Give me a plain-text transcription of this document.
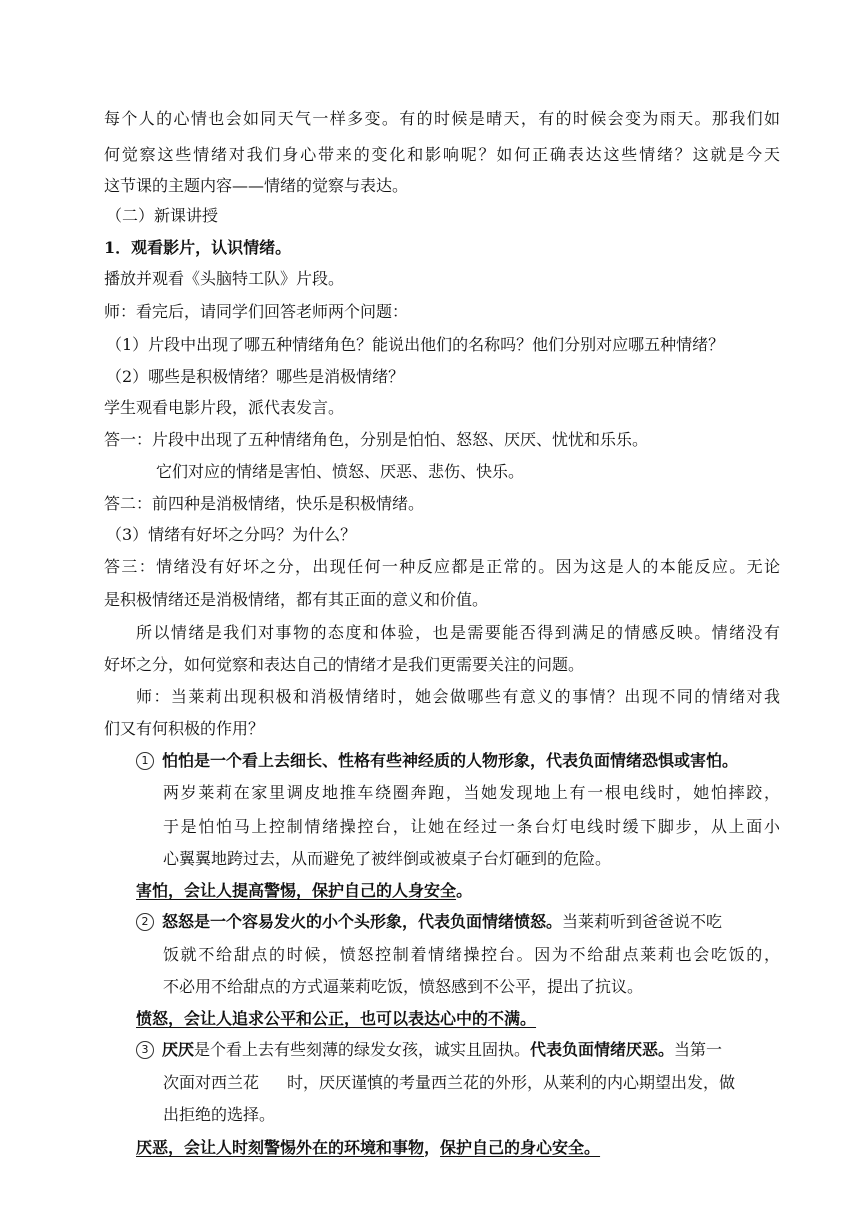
每个人的心情也会如同天气一样多变。有的时候是晴天，有的时候会变为雨天。那我们如
何觉察这些情绪对我们身心带来的变化和影响呢？如何正确表达这些情绪？这就是今天
这节课的主题内容——情绪的觉察与表达。
（二）新课讲授
1．观看影片，认识情绪。
播放并观看《头脑特工队》片段。
师：看完后，请同学们回答老师两个问题：
（1）片段中出现了哪五种情绪角色？能说出他们的名称吗？他们分别对应哪五种情绪？
（2）哪些是积极情绪？哪些是消极情绪？
学生观看电影片段，派代表发言。
答一：片段中出现了五种情绪角色，分别是怕怕、怒怒、厌厌、忧忧和乐乐。
它们对应的情绪是害怕、愤怒、厌恶、悲伤、快乐。
答二：前四种是消极情绪，快乐是积极情绪。
（3）情绪有好坏之分吗？为什么？
答三：情绪没有好坏之分，出现任何一种反应都是正常的。因为这是人的本能反应。无论
是积极情绪还是消极情绪，都有其正面的意义和价值。
所以情绪是我们对事物的态度和体验，也是需要能否得到满足的情感反映。情绪没有
好坏之分，如何觉察和表达自己的情绪才是我们更需要关注的问题。
师：当莱莉出现积极和消极情绪时，她会做哪些有意义的事情？出现不同的情绪对我
们又有何积极的作用？
1 怕怕是一个看上去细长、性格有些神经质的人物形象，代表负面情绪恐惧或害怕。
两岁莱莉在家里调皮地推车绕圈奔跑，当她发现地上有一根电线时，她怕摔跤，
于是怕怕马上控制情绪操控台，让她在经过一条台灯电线时缓下脚步，从上面小
心翼翼地跨过去，从而避免了被绊倒或被桌子台灯砸到的危险。
害怕，会让人提高警惕，保护自己的人身安全。
2 怒怒是一个容易发火的小个头形象，代表负面情绪愤怒。当莱莉听到爸爸说不吃
饭就不给甜点的时候，愤怒控制着情绪操控台。因为不给甜点莱莉也会吃饭的，
不必用不给甜点的方式逼莱莉吃饭，愤怒感到不公平，提出了抗议。
愤怒，会让人追求公平和公正，也可以表达心中的不满。
3 厌厌是个看上去有些刻薄的绿发女孩，诚实且固执。代表负面情绪厌恶。当第一
次面对西兰花 时，厌厌谨慎的考量西兰花的外形，从莱利的内心期望出发，做
出拒绝的选择。
厌恶，会让人时刻警惕外在的环境和事物，保护自己的身心安全。
